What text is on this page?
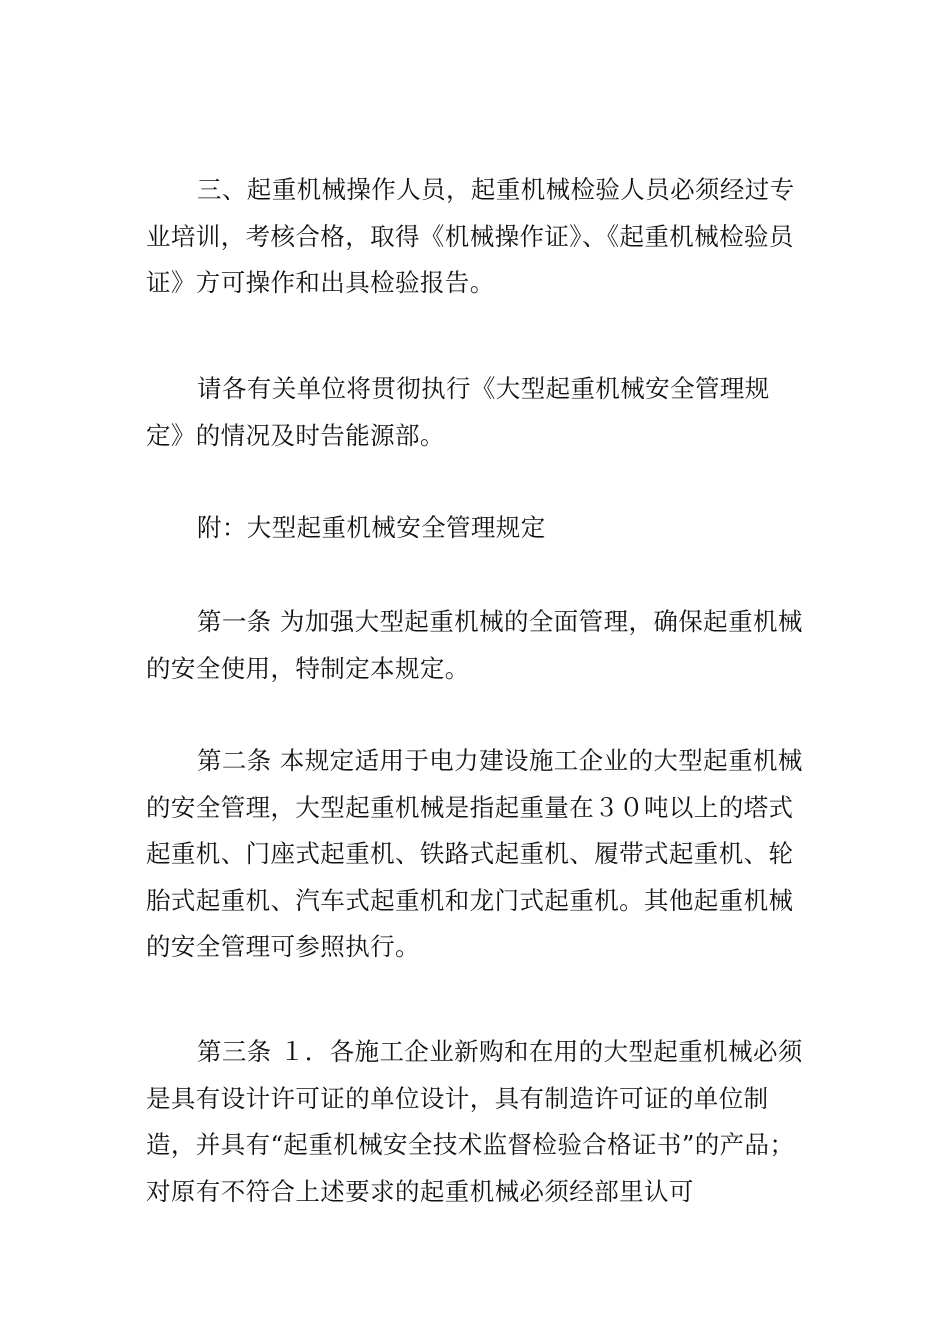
三、起重机械操作人员，起重机械检验人员必须经过专业培训，考核合格，取得《机械操作证》、《起重机械检验员证》方可操作和出具检验报告。

请各有关单位将贯彻执行《大型起重机械安全管理规定》的情况及时告能源部。

附：大型起重机械安全管理规定

第一条 为加强大型起重机械的全面管理，确保起重机械的安全使用，特制定本规定。

第二条 本规定适用于电力建设施工企业的大型起重机械的安全管理，大型起重机械是指起重量在３０吨以上的塔式起重机、门座式起重机、铁路式起重机、履带式起重机、轮胎式起重机、汽车式起重机和龙门式起重机。其他起重机械的安全管理可参照执行。

第三条 １．各施工企业新购和在用的大型起重机械必须是具有设计许可证的单位设计，具有制造许可证的单位制造，并具有“起重机械安全技术监督检验合格证书”的产品；对原有不符合上述要求的起重机械必须经部里认可
